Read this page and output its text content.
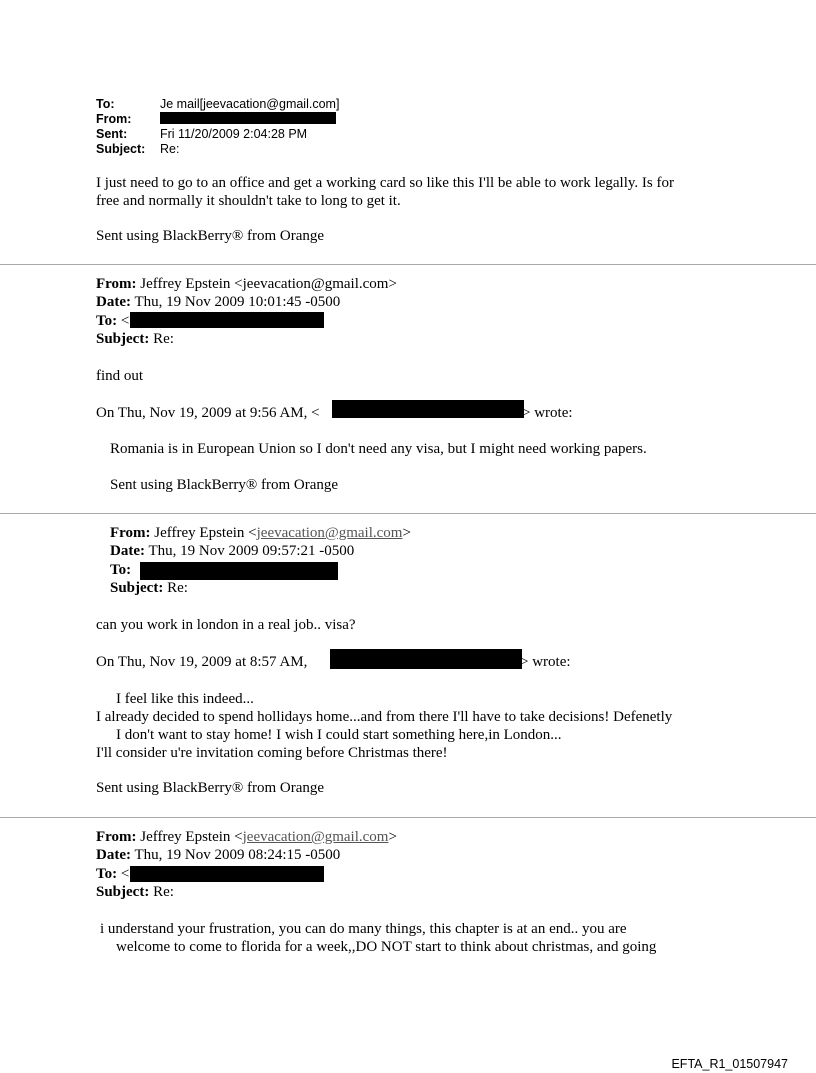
To:	Je mail[jeevacation@gmail.com]
From:
Sent:	Fri 11/20/2009 2:04:28 PM
Subject: Re:
I just need to go to an office and get a working card so like this I'll be able to work legally. Is for
free and normally it shouldn't take to long to get it.
Sent using BlackBerry® from Orange
From: Jeffrey Epstein <jeevacation@gmail.com>
Date: Thu, 19 Nov 2009 10:01:45 -0500
To: <
Subject: Re:
find out
On Thu, Nov 19, 2009 at 9:56 AM, <	> wrote:
Romania is in European Union so I don't need any visa, but I might need working papers.
Sent using BlackBerry® from Orange
From: Jeffrey Epstein <jeevacation@gmail.com>
Date: Thu, 19 Nov 2009 09:57:21 -0500
To:
Subject: Re:
can you work in london in a real job.. visa?
On Thu, Nov 19, 2009 at 8:57 AM,	> wrote:
I feel like this indeed...
I already decided to spend hollidays home...and from there I'll have to take decisions! Defenetly
I don't want to stay home! I wish I could start something here,in London...
I'll consider u're invitation coming before Christmas there!
Sent using BlackBerry® from Orange
From: Jeffrey Epstein <jeevacation@gmail.com>
Date: Thu, 19 Nov 2009 08:24:15 -0500
To: <
Subject: Re:
i understand your frustration, you can do many things, this chapter is at an end.. you are
welcome to come to florida for a week,,DO NOT start to think about christmas, and going
EFTA_R1_01507947
